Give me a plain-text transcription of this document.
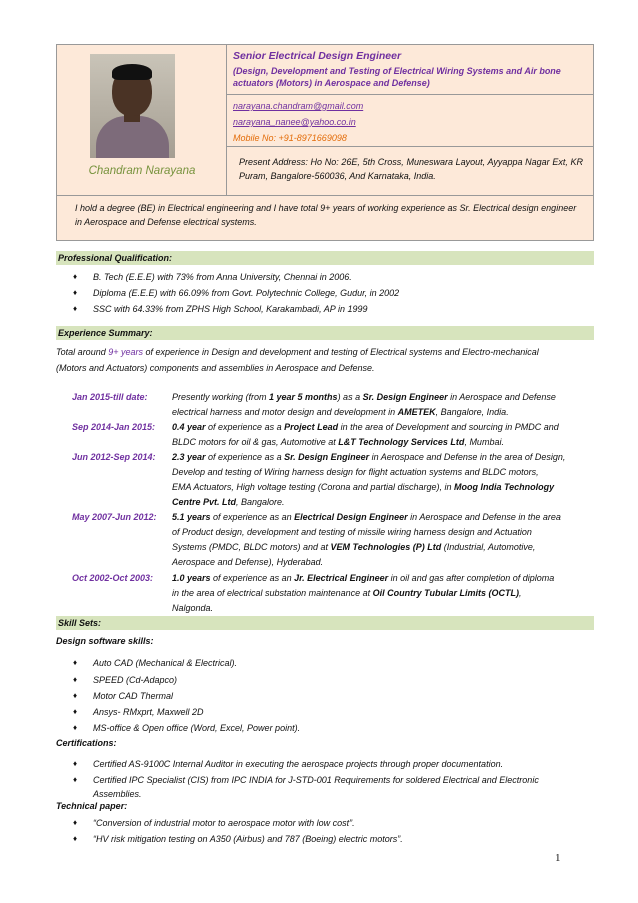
Chandram Narayana
Senior Electrical Design Engineer
(Design, Development and Testing of Electrical Wiring Systems and Air bone actuators (Motors) in Aerospace and Defense)
narayana.chandram@gmail.com
narayana_nanee@yahoo.co.in
Mobile No: +91-8971669098
Present Address: Ho No: 26E, 5th Cross, Muneswara Layout, Ayyappa Nagar Ext, KR Puram, Bangalore-560036, And Karnataka, India.
I hold a degree (BE) in Electrical engineering and I have total 9+ years of working experience as Sr. Electrical design engineer in Aerospace and Defense electrical systems.
Professional Qualification:
♦ B. Tech (E.E.E) with 73% from Anna University, Chennai in 2006.
♦ Diploma (E.E.E) with 66.09% from Govt. Polytechnic College, Gudur, in 2002
♦ SSC with 64.33% from ZPHS High School, Karakambadi, AP in 1999
Experience Summary:
Total around 9+ years of experience in Design and development and testing of Electrical systems and Electro-mechanical
(Motors and Actuators) components and assemblies in Aerospace and Defense.
Jan 2015-till date:	Presently working (from 1 year 5 months) as a Sr. Design Engineer in Aerospace and Defense
electrical harness and motor design and development in AMETEK, Bangalore, India.
Sep 2014-Jan 2015: 0.4 year of experience as a Project Lead in the area of Development and sourcing in PMDC and
BLDC motors for oil & gas, Automotive at L&T Technology Services Ltd, Mumbai.
Jun 2012-Sep 2014: 2.3 year of experience as a Sr. Design Engineer in Aerospace and Defense in the area of Design,
Develop and testing of Wiring harness design for flight actuation systems and BLDC motors,
EMA Actuators, High voltage testing (Corona and partial discharge), in Moog India Technology
Centre Pvt. Ltd, Bangalore.
May 2007-Jun 2012: 5.1 years of experience as an Electrical Design Engineer in Aerospace and Defense in the area
of Product design, development and testing of missile wiring harness design and Actuation
Systems (PMDC, BLDC motors) and at VEM Technologies (P) Ltd (Industrial, Automotive,
Aerospace and Defense), Hyderabad.
Oct 2002-Oct 2003: 1.0 years of experience as an Jr. Electrical Engineer in oil and gas after completion of diploma
in the area of electrical substation maintenance at Oil Country Tubular Limits (OCTL),
Nalgonda.
Skill Sets:
Design software skills:
♦ Auto CAD (Mechanical & Electrical).
♦ SPEED (Cd-Adapco)
♦ Motor CAD Thermal
♦ Ansys- RMxprt, Maxwell 2D
♦ MS-office & Open office (Word, Excel, Power point).
Certifications:
♦ Certified AS-9100C Internal Auditor in executing the aerospace projects through proper documentation.
♦ Certified IPC Specialist (CIS) from IPC INDIA for J-STD-001 Requirements for soldered Electrical and Electronic
Assemblies.
Technical paper:
♦ “Conversion of industrial motor to aerospace motor with low cost”.
♦ “HV risk mitigation testing on A350 (Airbus) and 787 (Boeing) electric motors”.
1
